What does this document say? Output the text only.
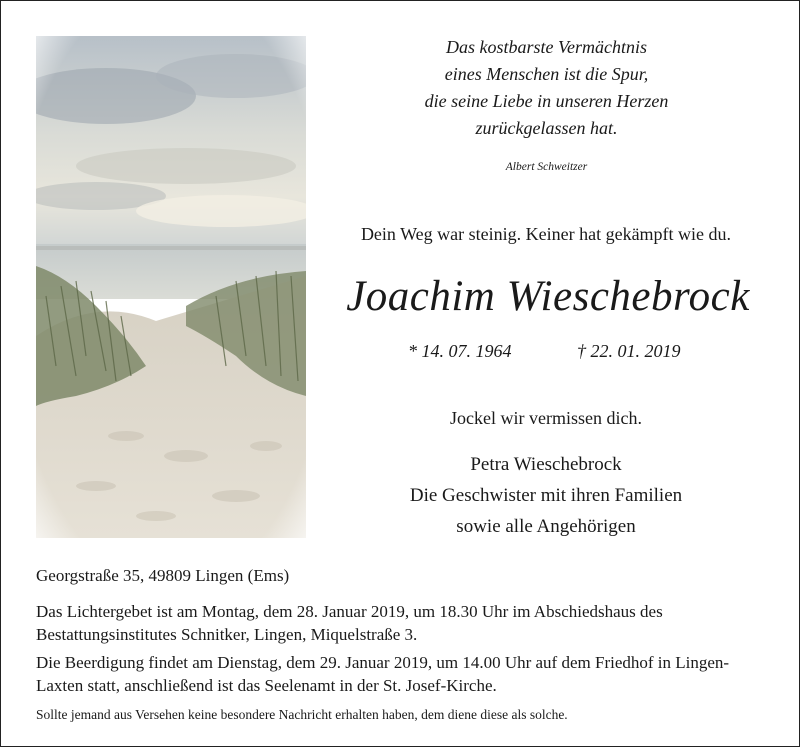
Das kostbarste Vermächtnis
eines Menschen ist die Spur,
die seine Liebe in unseren Herzen
zurückgelassen hat.
Albert Schweitzer
Dein Weg war steinig. Keiner hat gekämpft wie du.
Joachim Wieschebrock
* 14. 07. 1964	† 22. 01. 2019
Jockel wir vermissen dich.
Petra Wieschebrock
Die Geschwister mit ihren Familien
sowie alle Angehörigen
Georgstraße 35, 49809 Lingen (Ems)
Das Lichtergebet ist am Montag, dem 28. Januar 2019, um 18.30 Uhr im Abschiedshaus des Bestattungsinstitutes Schnitker, Lingen, Miquelstraße 3.
Die Beerdigung findet am Dienstag, dem 29. Januar 2019, um 14.00 Uhr auf dem Friedhof in Lingen-Laxten statt, anschließend ist das Seelenamt in der St. Josef-Kirche.
Sollte jemand aus Versehen keine besondere Nachricht erhalten haben, dem diene diese als solche.
